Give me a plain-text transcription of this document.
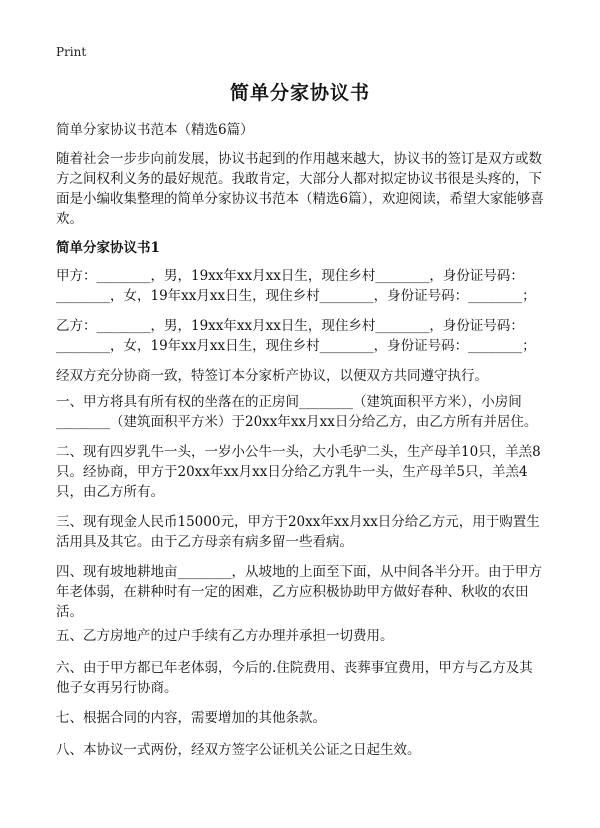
Print
简单分家协议书
简单分家协议书范本（精选6篇）
随着社会一步步向前发展，协议书起到的作用越来越大，协议书的签订是双方或数方之间权利义务的最好规范。我敢肯定，大部分人都对拟定协议书很是头疼的，下面是小编收集整理的简单分家协议书范本（精选6篇），欢迎阅读，希望大家能够喜欢。
简单分家协议书1

甲方：________，男，19xx年xx月xx日生，现住乡村________，身份证号码：

________，女，19年xx月xx日生，现住乡村________，身份证号码：________；

乙方：________，男，19xx年xx月xx日生，现住乡村________，身份证号码：

________，女，19年xx月xx日生，现住乡村________，身份证号码：________；

经双方充分协商一致，特签订本分家析产协议，以便双方共同遵守执行。

一、甲方将具有所有权的坐落在的正房间________（建筑面积平方米），小房间________（建筑面积平方米）于20xx年xx月xx日分给乙方，由乙方所有并居住。

二、现有四岁乳牛一头，一岁小公牛一头，大小毛驴二头，生产母羊10只，羊羔8只。经协商，甲方于20xx年xx月xx日分给乙方乳牛一头，生产母羊5只，羊羔4只，由乙方所有。

三、现有现金人民币15000元，甲方于20xx年xx月xx日分给乙方元，用于购置生活用具及其它。由于乙方母亲有病多留一些看病。

四、现有坡地耕地亩________，从坡地的上面至下面，从中间各半分开。由于甲方年老体弱，在耕种时有一定的困难，乙方应积极协助甲方做好春种、秋收的农田活。

五、乙方房地产的过户手续有乙方办理并承担一切费用。

六、由于甲方都已年老体弱，今后的.住院费用、丧葬事宜费用，甲方与乙方及其他子女再另行协商。

七、根据合同的内容，需要增加的其他条款。

八、本协议一式两份，经双方签字公证机关公证之日起生效。
